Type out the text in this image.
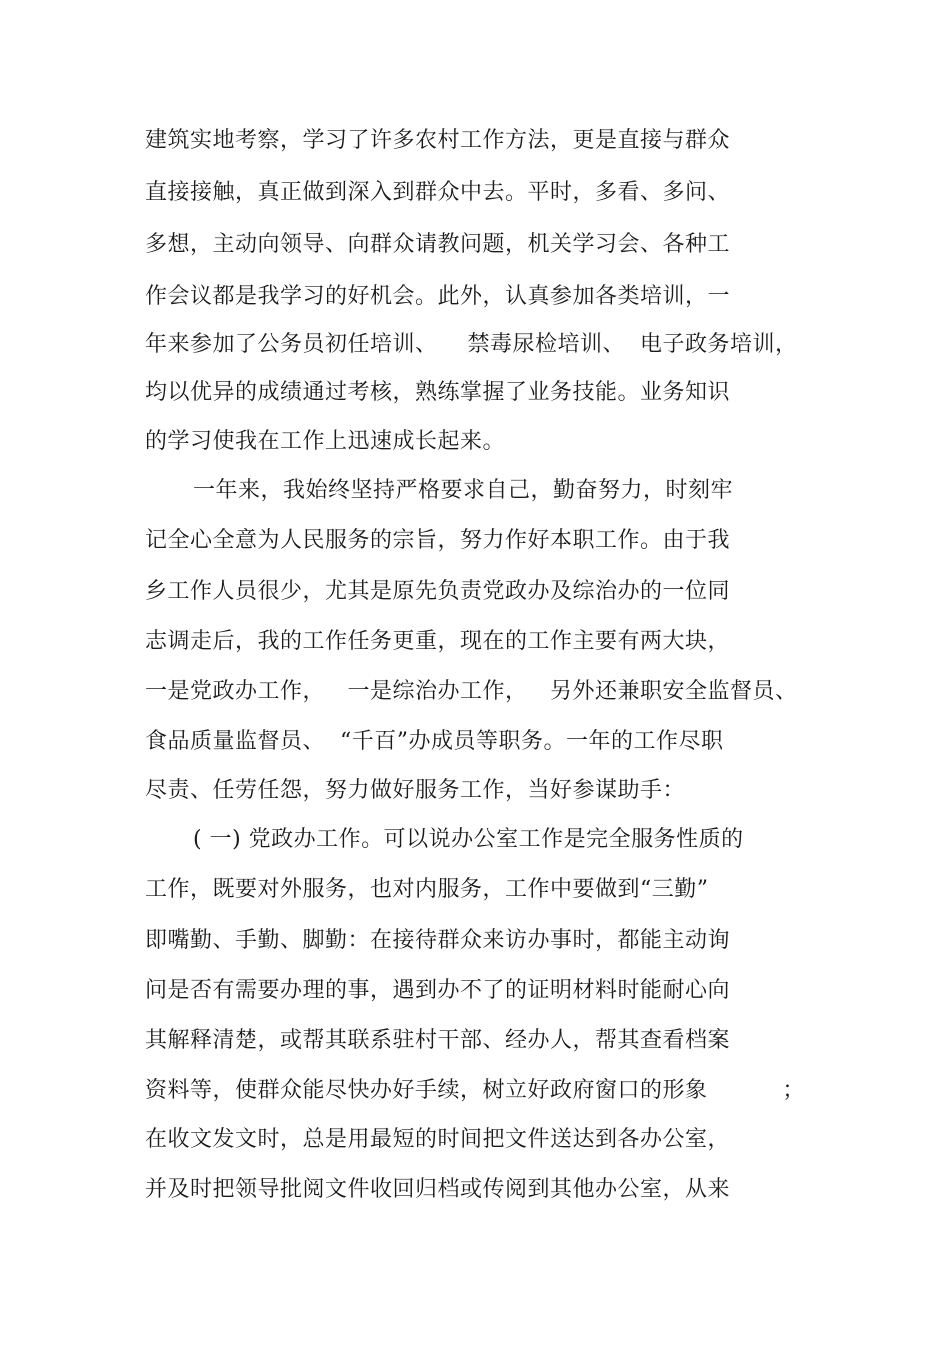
建筑实地考察，学习了许多农村工作方法，更是直接与群众
直接接触，真正做到深入到群众中去。平时，多看、多问、
多想，主动向领导、向群众请教问题，机关学习会、各种工
作会议都是我学习的好机会。此外，认真参加各类培训，一
年来参加了公务员初任培训、    禁毒尿检培训、  电子政务培训，
均以优异的成绩通过考核，熟练掌握了业务技能。业务知识
的学习使我在工作上迅速成长起来。
一年来，我始终坚持严格要求自己，勤奋努力，时刻牢
记全心全意为人民服务的宗旨，努力作好本职工作。由于我
乡工作人员很少，尤其是原先负责党政办及综治办的一位同
志调走后，我的工作任务更重，现在的工作主要有两大块，
一是党政办工作，   一是综治办工作，   另外还兼职安全监督员、
食品质量监督员、  “千百”办成员等职务。一年的工作尽职
尽责、任劳任怨，努力做好服务工作，当好参谋助手：
( 一) 党政办工作。可以说办公室工作是完全服务性质的
工作，既要对外服务，也对内服务，工作中要做到“三勤”
即嘴勤、手勤、脚勤：在接待群众来访办事时，都能主动询
问是否有需要办理的事，遇到办不了的证明材料时能耐心向
其解释清楚，或帮其联系驻村干部、经办人，帮其查看档案
资料等，使群众能尽快办好手续，树立好政府窗口的形象          ；
在收文发文时，总是用最短的时间把文件送达到各办公室，
并及时把领导批阅文件收回归档或传阅到其他办公室，从来
